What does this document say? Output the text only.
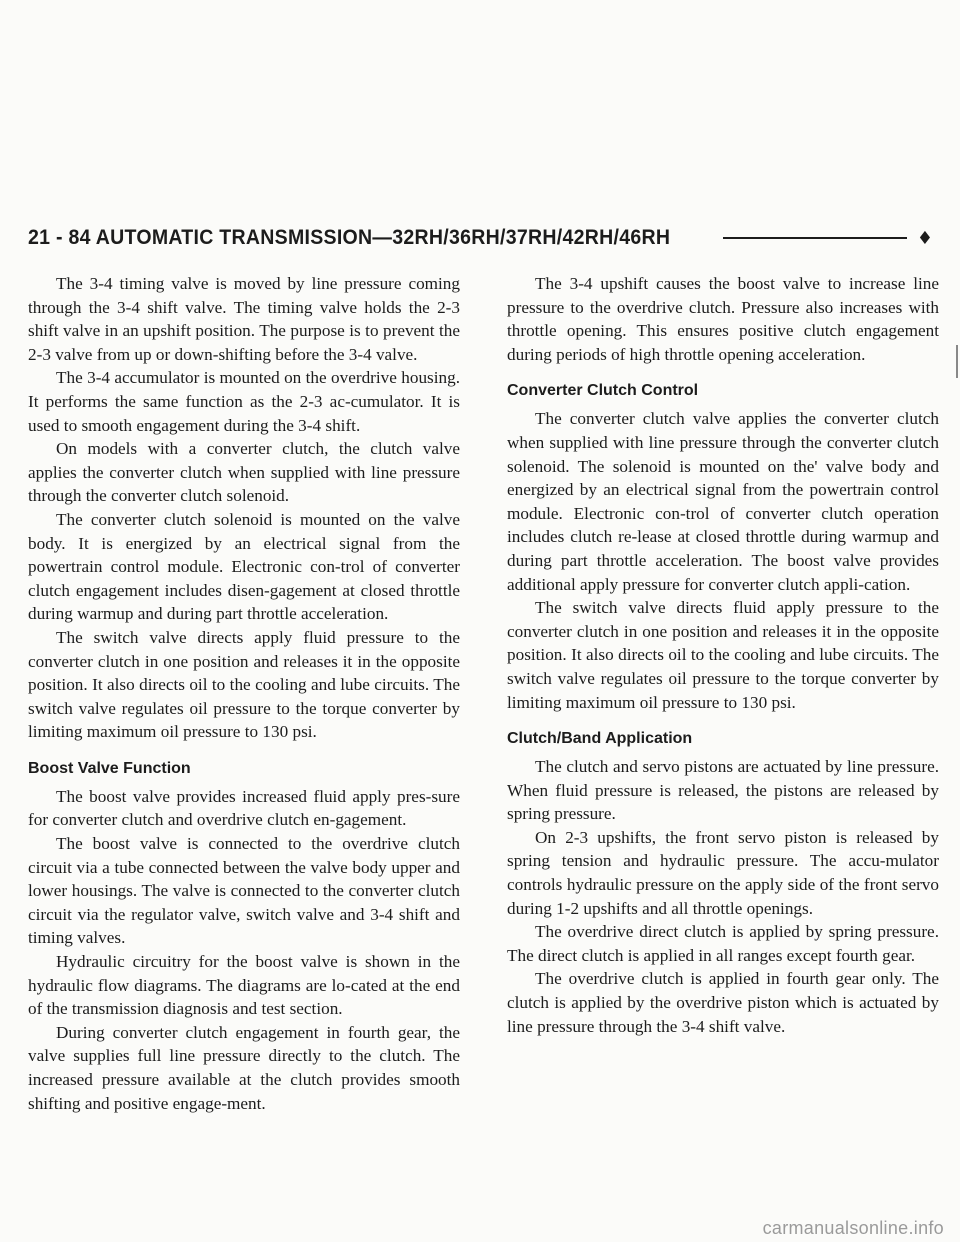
21 - 84 AUTOMATIC TRANSMISSION—32RH/36RH/37RH/42RH/46RH	♦

The 3-4 timing valve is moved by line pressure coming through the 3-4 shift valve. The timing valve holds the 2-3 shift valve in an upshift position. The purpose is to prevent the 2-3 valve from up or down-shifting before the 3-4 valve.

The 3-4 accumulator is mounted on the overdrive housing. It performs the same function as the 2-3 ac-cumulator. It is used to smooth engagement during the 3-4 shift.

On models with a converter clutch, the clutch valve applies the converter clutch when supplied with line pressure through the converter clutch solenoid.

The converter clutch solenoid is mounted on the valve body. It is energized by an electrical signal from the powertrain control module. Electronic con-trol of converter clutch engagement includes disen-gagement at closed throttle during warmup and during part throttle acceleration.

The switch valve directs apply fluid pressure to the converter clutch in one position and releases it in the opposite position. It also directs oil to the cooling and lube circuits. The switch valve regulates oil pressure to the torque converter by limiting maximum oil pressure to 130 psi.

Boost Valve Function

The boost valve provides increased fluid apply pres-sure for converter clutch and overdrive clutch en-gagement.

The boost valve is connected to the overdrive clutch circuit via a tube connected between the valve body upper and lower housings. The valve is connected to the converter clutch circuit via the regulator valve, switch valve and 3-4 shift and timing valves.

Hydraulic circuitry for the boost valve is shown in the hydraulic flow diagrams. The diagrams are lo-cated at the end of the transmission diagnosis and test section.

During converter clutch engagement in fourth gear, the valve supplies full line pressure directly to the clutch. The increased pressure available at the clutch provides smooth shifting and positive engage-ment.

The 3-4 upshift causes the boost valve to increase line pressure to the overdrive clutch. Pressure also increases with throttle opening. This ensures positive clutch engagement during periods of high throttle opening acceleration.

Converter Clutch Control

The converter clutch valve applies the converter clutch when supplied with line pressure through the converter clutch solenoid. The solenoid is mounted on the' valve body and energized by an electrical signal from the powertrain control module. Electronic con-trol of converter clutch operation includes clutch re-lease at closed throttle during warmup and during part throttle acceleration. The boost valve provides additional apply pressure for converter clutch appli-cation.

The switch valve directs fluid apply pressure to the converter clutch in one position and releases it in the opposite position. It also directs oil to the cooling and lube circuits. The switch valve regulates oil pressure to the torque converter by limiting maximum oil pressure to 130 psi.

Clutch/Band Application

The clutch and servo pistons are actuated by line pressure. When fluid pressure is released, the pistons are released by spring pressure.

On 2-3 upshifts, the front servo piston is released by spring tension and hydraulic pressure. The accu-mulator controls hydraulic pressure on the apply side of the front servo during 1-2 upshifts and all throttle openings.

The overdrive direct clutch is applied by spring pressure. The direct clutch is applied in all ranges except fourth gear.

The overdrive clutch is applied in fourth gear only. The clutch is applied by the overdrive piston which is actuated by line pressure through the 3-4 shift valve.

carmanualsonline.info
